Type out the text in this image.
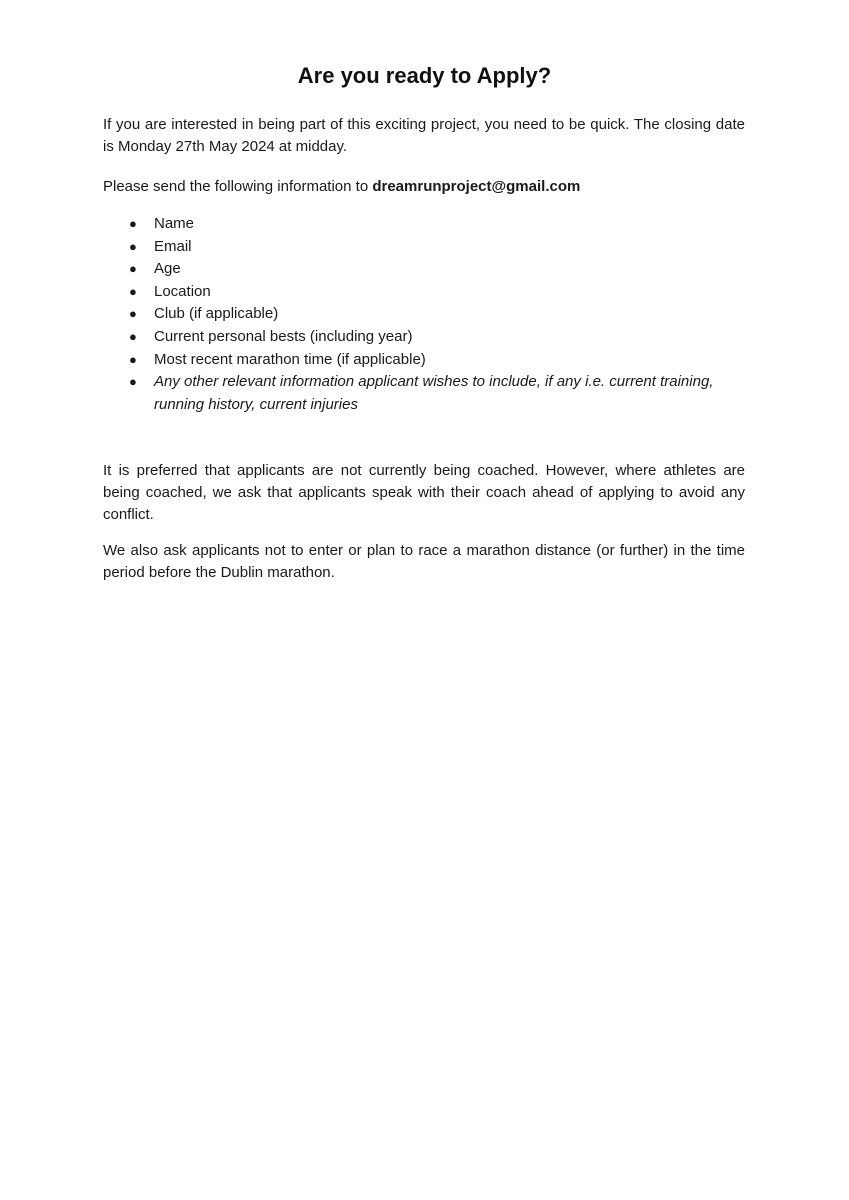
Are you ready to Apply?

If you are interested in being part of this exciting project, you need to be quick. The closing date is Monday 27th May 2024 at midday.

Please send the following information to dreamrunproject@gmail.com

● Name
● Email
● Age
● Location
● Club (if applicable)
● Current personal bests (including year)
● Most recent marathon time (if applicable)
● Any other relevant information applicant wishes to include, if any i.e. current training, running history, current injuries

It is preferred that applicants are not currently being coached. However, where athletes are being coached, we ask that applicants speak with their coach ahead of applying to avoid any conflict.

We also ask applicants not to enter or plan to race a marathon distance (or further) in the time period before the Dublin marathon.
